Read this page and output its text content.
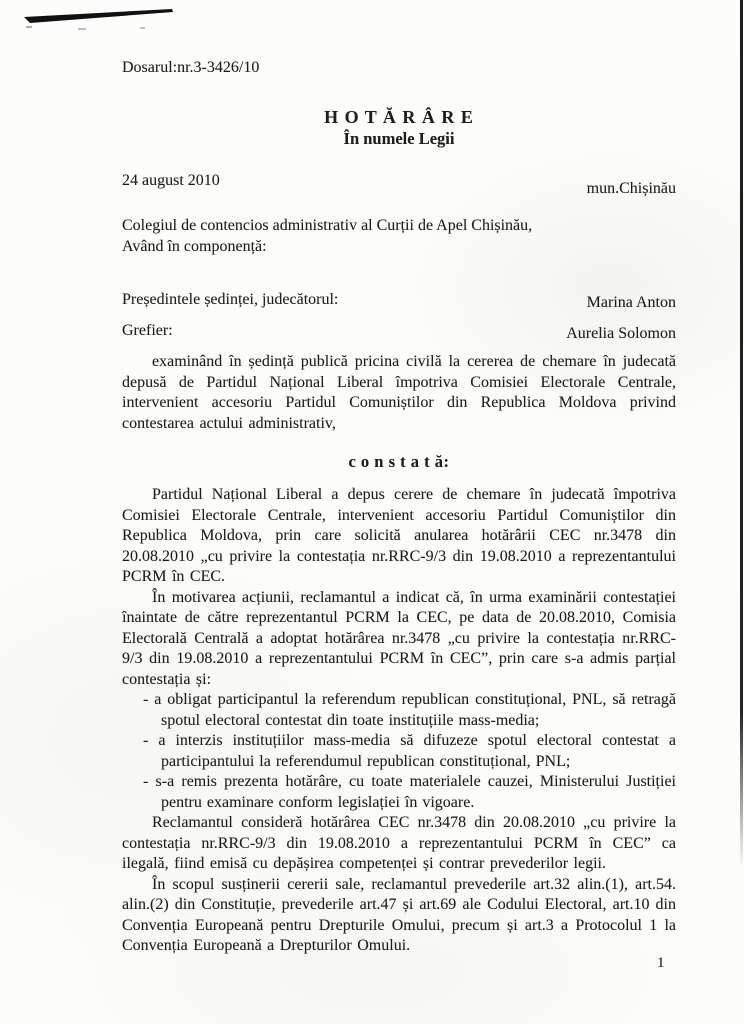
Dosarul:nr.3-3426/10
H O T Ă R Â R E
În numele Legii
24 august 2010	mun.Chișinău
Colegiul de contencios administrativ al Curții de Apel Chișinău,
Având în componență:
Președintele ședinței, judecătorul:	Marina Anton
Grefier:	Aurelia Solomon

examinând în ședință publică pricina civilă la cererea de chemare în judecată depusă de Partidul Național Liberal împotriva Comisiei Electorale Centrale, intervenient accesoriu Partidul Comuniștilor din Republica Moldova privind contestarea actului administrativ,

c o n s t a t ă:

Partidul Național Liberal a depus cerere de chemare în judecată împotriva Comisiei Electorale Centrale, intervenient accesoriu Partidul Comuniștilor din Republica Moldova, prin care solicită anularea hotărârii CEC nr.3478 din 20.08.2010 „cu privire la contestația nr.RRC-9/3 din 19.08.2010 a reprezentantului PCRM în CEC.

În motivarea acțiunii, reclamantul a indicat că, în urma examinării contestației înaintate de către reprezentantul PCRM la CEC, pe data de 20.08.2010, Comisia Electorală Centrală a adoptat hotărârea nr.3478 „cu privire la contestația nr.RRC-9/3 din 19.08.2010 a reprezentantului PCRM în CEC”, prin care s-a admis parțial contestația și:

- a obligat participantul la referendum republican constituțional, PNL, să retragă spotul electoral contestat din toate instituțiile mass-media;
- a interzis instituțiilor mass-media să difuzeze spotul electoral contestat a participantului la referendumul republican constituțional, PNL;
- s-a remis prezenta hotărâre, cu toate materialele cauzei, Ministerului Justiției pentru examinare conform legislației în vigoare.

Reclamantul consideră hotărârea CEC nr.3478 din 20.08.2010 „cu privire la contestația nr.RRC-9/3 din 19.08.2010 a reprezentantului PCRM în CEC” ca ilegală, fiind emisă cu depășirea competenței și contrar prevederilor legii.

În scopul susținerii cererii sale, reclamantul prevederile art.32 alin.(1), art.54. alin.(2) din Constituție, prevederile art.47 și art.69 ale Codului Electoral, art.10 din Convenția Europeană pentru Drepturile Omului, precum și art.3 a Protocolul 1 la Convenția Europeană a Drepturilor Omului.

1
